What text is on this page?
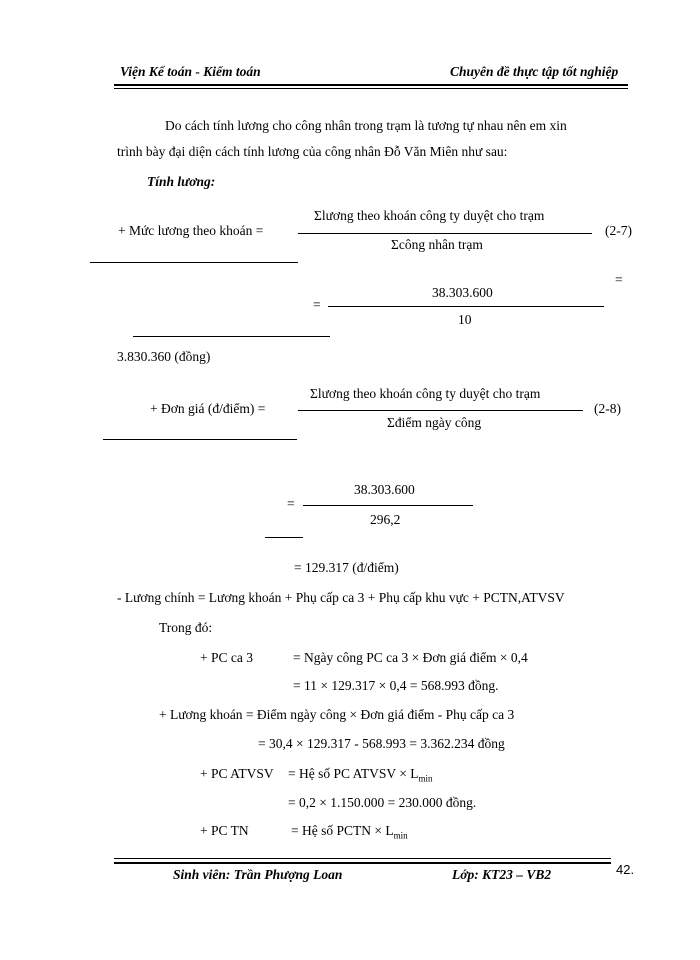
Viện Kế toán - Kiểm toán	Chuyên đề thực tập tốt nghiệp
Do cách tính lương cho công nhân trong trạm là tương tự nhau nên em xin
trình bày đại diện cách tính lương của công nhân Đỗ Văn Miên như sau:
Tính lương:
+ Mức lương theo khoán =
Σlương theo khoán công ty duyệt cho trạm
Σcông nhân trạm
(2-7)
=
38.303.600
10
=
3.830.360 (đồng)
+ Đơn giá (đ/điểm) =
Σlương theo khoán công ty duyệt cho trạm
Σđiểm ngày công
(2-8)
=
38.303.600
296,2
= 129.317 (đ/điểm)
- Lương chính = Lương khoán + Phụ cấp ca 3 + Phụ cấp khu vực + PCTN,ATVSV
Trong đó:
+ PC ca 3	= Ngày công PC ca 3 × Đơn giá điểm × 0,4
= 11 × 129.317 × 0,4 = 568.993 đồng.
+ Lương khoán = Điểm ngày công × Đơn giá điểm - Phụ cấp ca 3
= 30,4 × 129.317 - 568.993 = 3.362.234 đồng
+ PC ATVSV = Hệ số PC ATVSV × $L_{min}$
= 0,2 × 1.150.000 = 230.000 đồng.
+ PC TN	= Hệ số PCTN × $L_{min}$
Sinh viên: Trần Phượng Loan	Lớp: KT23 – VB2	42.
